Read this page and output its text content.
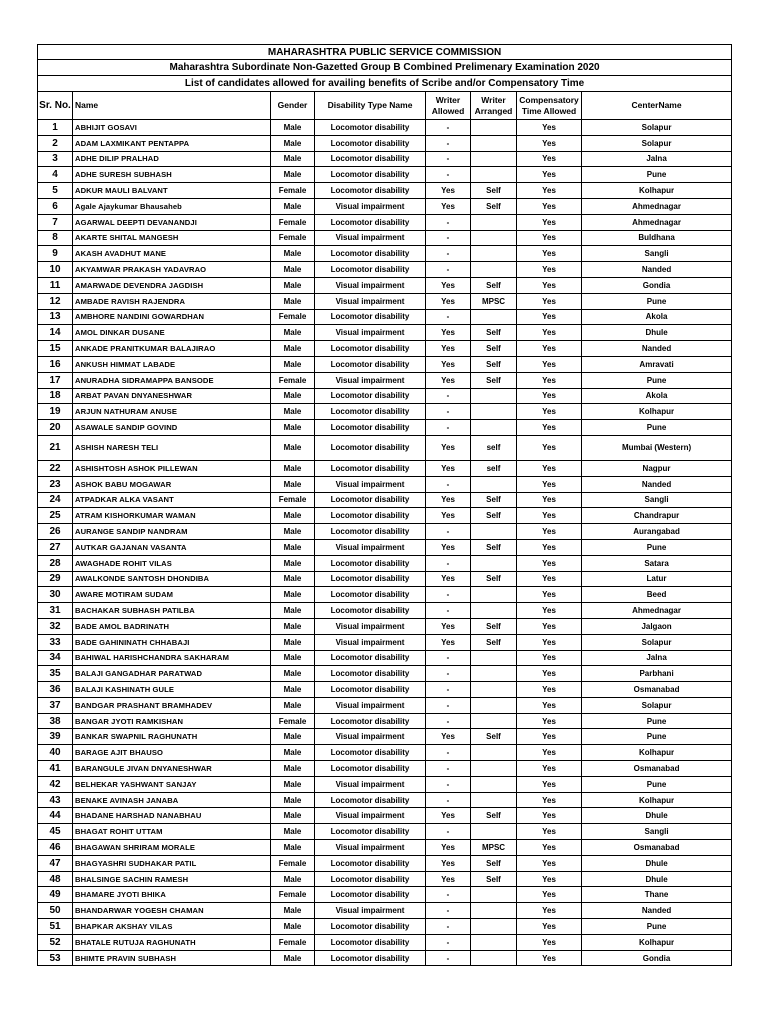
MAHARASHTRA PUBLIC SERVICE COMMISSION							
Maharashtra Subordinate Non-Gazetted Group B Combined Prelimenary Examination 2020							
List of candidates allowed for availing benefits of Scribe and/or Compensatory Time							
Sr. No.	Name	Gender	Disability Type Name	Writer Allowed	Writer Arranged	Compensatory Time Allowed	CenterName
1	ABHIJIT GOSAVI	Male	Locomotor disability	-		Yes	Solapur
2	ADAM LAXMIKANT PENTAPPA	Male	Locomotor disability	-		Yes	Solapur
3	ADHE DILIP PRALHAD	Male	Locomotor disability	-		Yes	Jalna
4	ADHE SURESH SUBHASH	Male	Locomotor disability	-		Yes	Pune
5	ADKUR MAULI BALVANT	Female	Locomotor disability	Yes	Self	Yes	Kolhapur
6	Agale Ajaykumar Bhausaheb	Male	Visual impairment	Yes	Self	Yes	Ahmednagar
7	AGARWAL DEEPTI DEVANANDJI	Female	Locomotor disability	-		Yes	Ahmednagar
8	AKARTE SHITAL MANGESH	Female	Visual impairment	-		Yes	Buldhana
9	AKASH AVADHUT MANE	Male	Locomotor disability	-		Yes	Sangli
10	AKYAMWAR PRAKASH YADAVRAO	Male	Locomotor disability	-		Yes	Nanded
11	AMARWADE DEVENDRA JAGDISH	Male	Visual impairment	Yes	Self	Yes	Gondia
12	AMBADE RAVISH RAJENDRA	Male	Visual impairment	Yes	MPSC	Yes	Pune
13	AMBHORE NANDINI GOWARDHAN	Female	Locomotor disability	-		Yes	Akola
14	AMOL DINKAR DUSANE	Male	Visual impairment	Yes	Self	Yes	Dhule
15	ANKADE PRANITKUMAR BALAJIRAO	Male	Locomotor disability	Yes	Self	Yes	Nanded
16	ANKUSH HIMMAT LABADE	Male	Locomotor disability	Yes	Self	Yes	Amravati
17	ANURADHA SIDRAMAPPA BANSODE	Female	Visual impairment	Yes	Self	Yes	Pune
18	ARBAT PAVAN DNYANESHWAR	Male	Locomotor disability	-		Yes	Akola
19	ARJUN NATHURAM ANUSE	Male	Locomotor disability	-		Yes	Kolhapur
20	ASAWALE SANDIP GOVIND	Male	Locomotor disability	-		Yes	Pune
21	ASHISH NARESH TELI	Male	Locomotor disability	Yes	self	Yes	Mumbai (Western)
22	ASHISHTOSH ASHOK PILLEWAN	Male	Locomotor disability	Yes	self	Yes	Nagpur
23	ASHOK BABU MOGAWAR	Male	Visual impairment	-		Yes	Nanded
24	ATPADKAR ALKA VASANT	Female	Locomotor disability	Yes	Self	Yes	Sangli
25	ATRAM KISHORKUMAR WAMAN	Male	Locomotor disability	Yes	Self	Yes	Chandrapur
26	AURANGE SANDIP NANDRAM	Male	Locomotor disability	-		Yes	Aurangabad
27	AUTKAR GAJANAN VASANTA	Male	Visual impairment	Yes	Self	Yes	Pune
28	AWAGHADE ROHIT VILAS	Male	Locomotor disability	-		Yes	Satara
29	AWALKONDE SANTOSH DHONDIBA	Male	Locomotor disability	Yes	Self	Yes	Latur
30	AWARE MOTIRAM SUDAM	Male	Locomotor disability	-		Yes	Beed
31	BACHAKAR SUBHASH PATILBA	Male	Locomotor disability	-		Yes	Ahmednagar
32	BADE AMOL BADRINATH	Male	Visual impairment	Yes	Self	Yes	Jalgaon
33	BADE GAHININATH CHHABAJI	Male	Visual impairment	Yes	Self	Yes	Solapur
34	BAHIWAL HARISHCHANDRA SAKHARAM	Male	Locomotor disability	-		Yes	Jalna
35	BALAJI GANGADHAR PARATWAD	Male	Locomotor disability	-		Yes	Parbhani
36	BALAJI KASHINATH GULE	Male	Locomotor disability	-		Yes	Osmanabad
37	BANDGAR PRASHANT BRAMHADEV	Male	Visual impairment	-		Yes	Solapur
38	BANGAR JYOTI RAMKISHAN	Female	Locomotor disability	-		Yes	Pune
39	BANKAR SWAPNIL RAGHUNATH	Male	Visual impairment	Yes	Self	Yes	Pune
40	BARAGE AJIT BHAUSO	Male	Locomotor disability	-		Yes	Kolhapur
41	BARANGULE JIVAN DNYANESHWAR	Male	Locomotor disability	-		Yes	Osmanabad
42	BELHEKAR YASHWANT SANJAY	Male	Visual impairment	-		Yes	Pune
43	BENAKE AVINASH JANABA	Male	Locomotor disability	-		Yes	Kolhapur
44	BHADANE HARSHAD NANABHAU	Male	Visual impairment	Yes	Self	Yes	Dhule
45	BHAGAT ROHIT UTTAM	Male	Locomotor disability	-		Yes	Sangli
46	BHAGAWAN SHRIRAM MORALE	Male	Visual impairment	Yes	MPSC	Yes	Osmanabad
47	BHAGYASHRI SUDHAKAR PATIL	Female	Locomotor disability	Yes	Self	Yes	Dhule
48	BHALSINGE SACHIN RAMESH	Male	Locomotor disability	Yes	Self	Yes	Dhule
49	BHAMARE JYOTI BHIKA	Female	Locomotor disability	-		Yes	Thane
50	BHANDARWAR YOGESH CHAMAN	Male	Visual impairment	-		Yes	Nanded
51	BHAPKAR AKSHAY VILAS	Male	Locomotor disability	-		Yes	Pune
52	BHATALE RUTUJA RAGHUNATH	Female	Locomotor disability	-		Yes	Kolhapur
53	BHIMTE PRAVIN SUBHASH	Male	Locomotor disability	-		Yes	Gondia
